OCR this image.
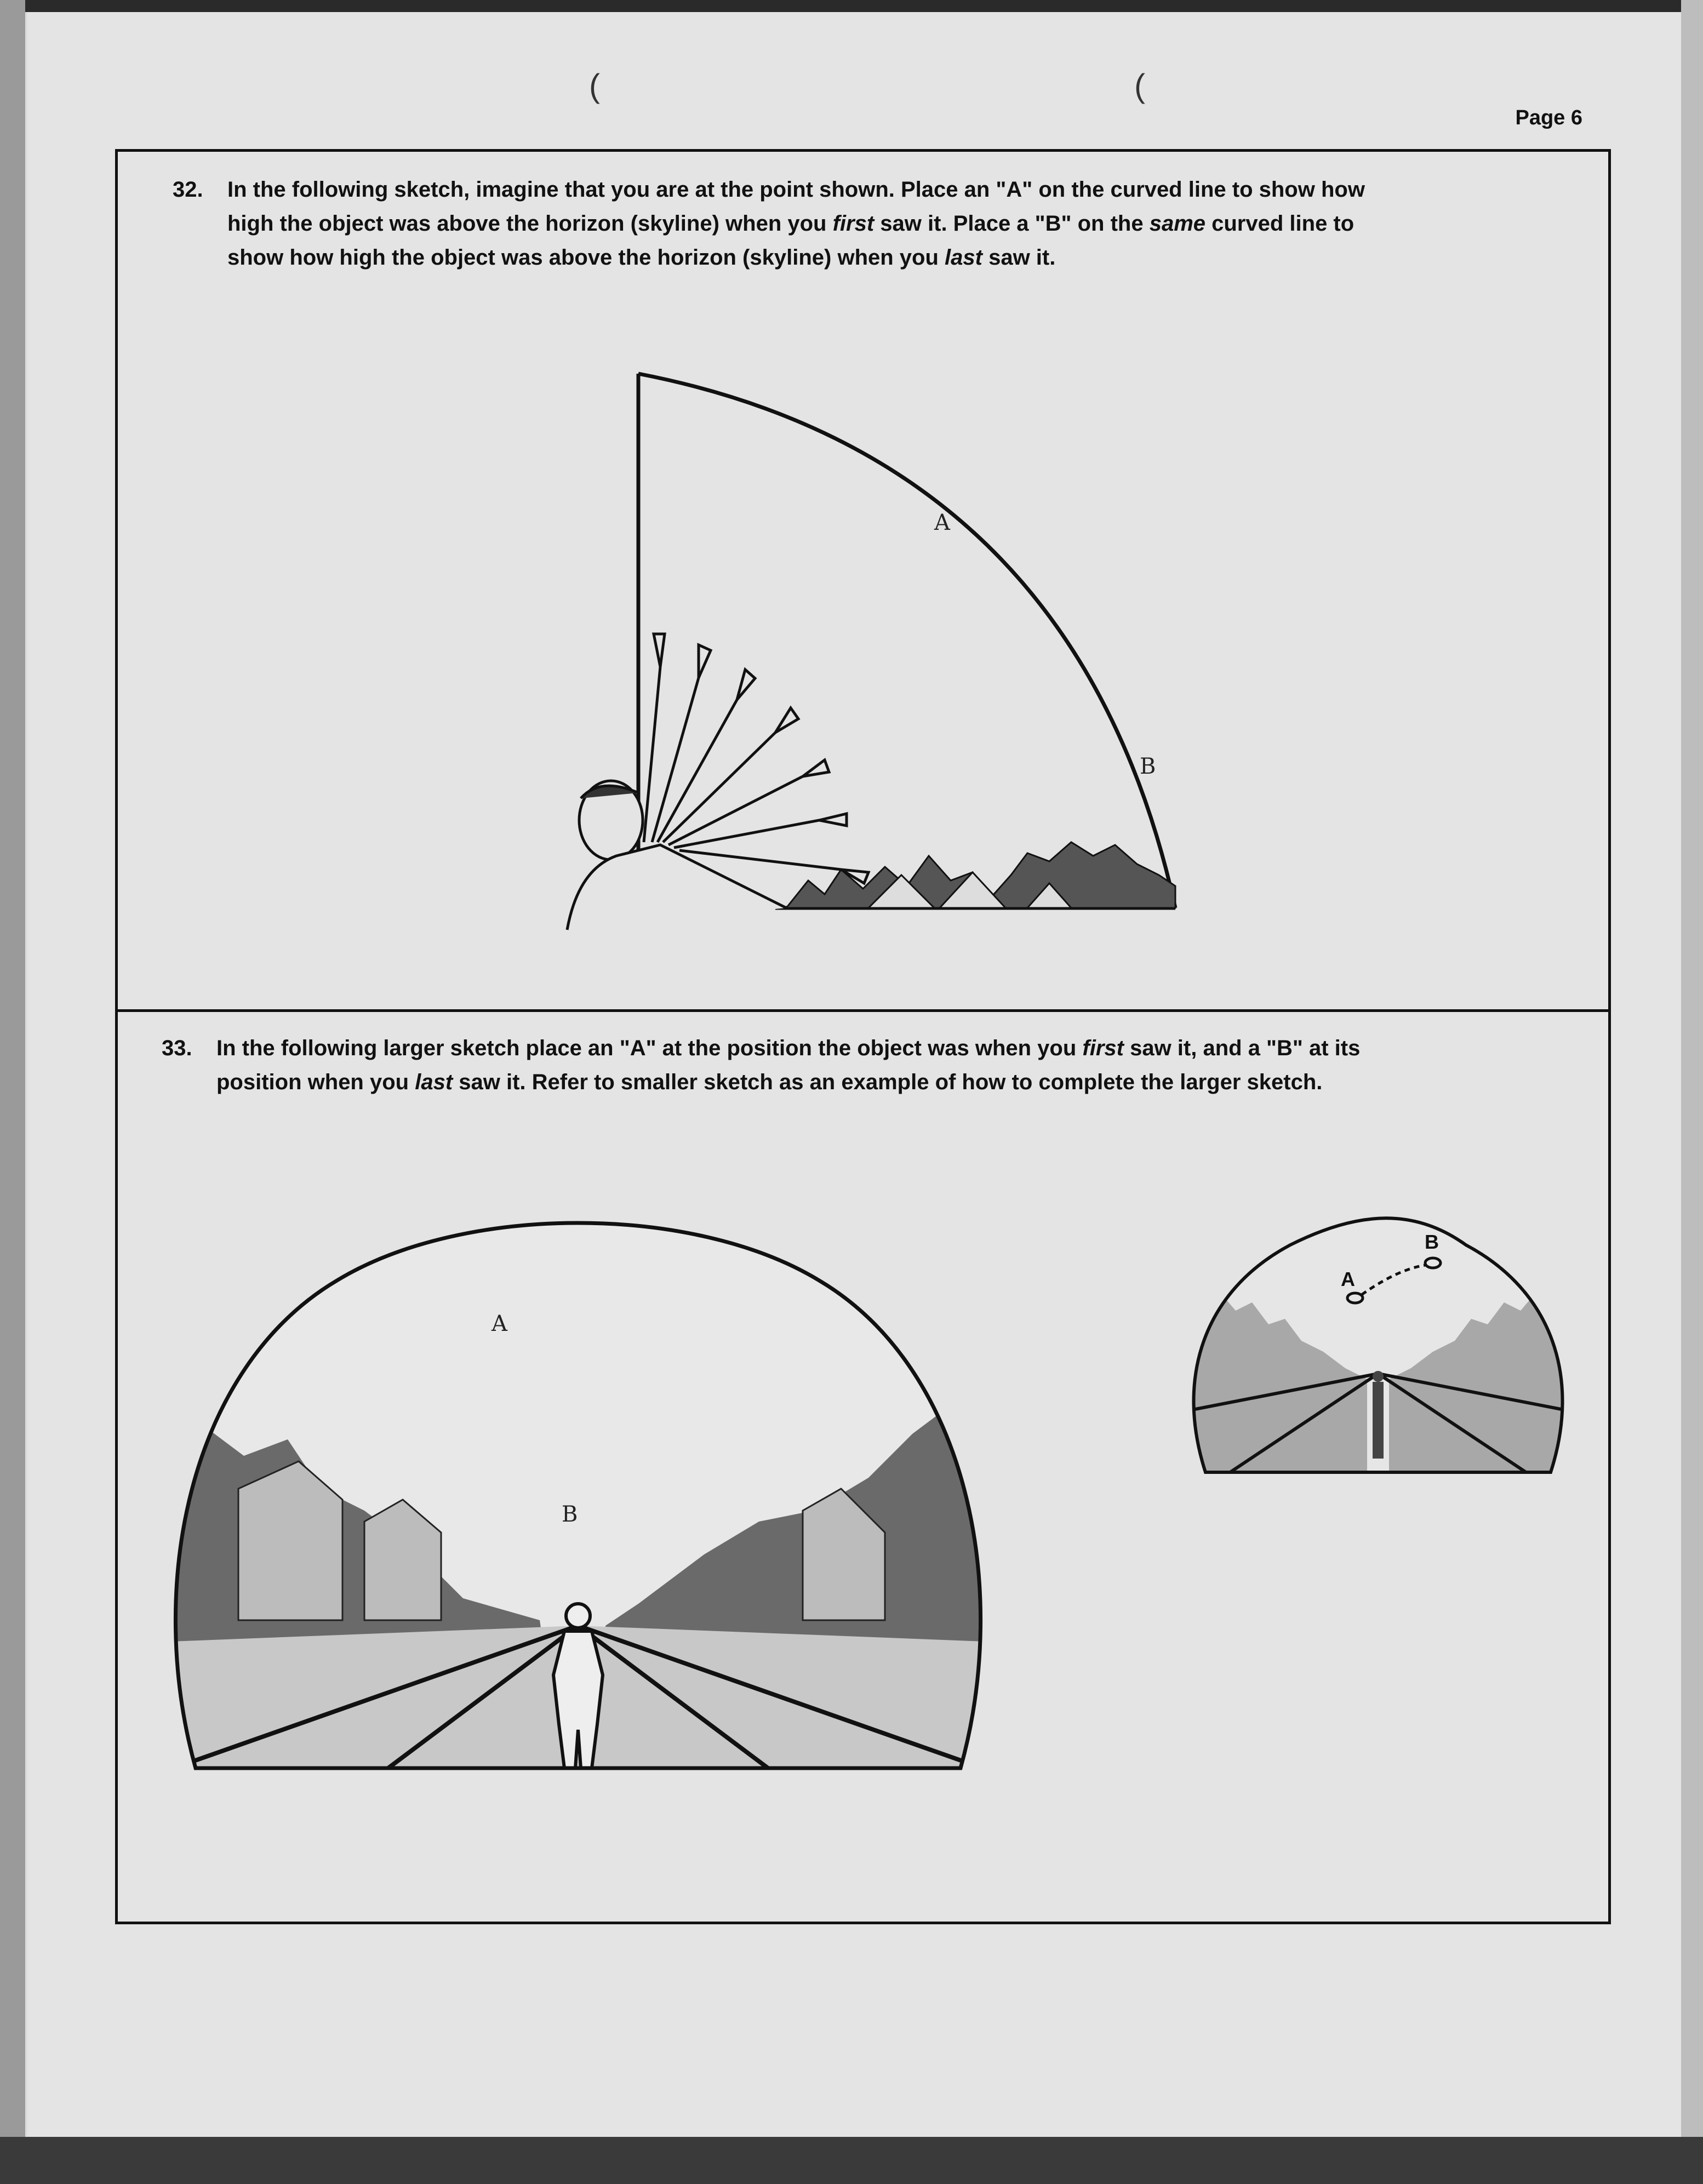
(	(
Page 6
32. In the following sketch, imagine that you are at the point shown. Place an "A" on the curved line to show how
high the object was above the horizon (skyline) when you first saw it. Place a "B" on the same curved line to
show how high the object was above the horizon (skyline) when you last saw it.
A
B
33. In the following larger sketch place an "A" at the position the object was when you first saw it, and a "B" at its
position when you last saw it. Refer to smaller sketch as an example of how to complete the larger sketch.
A
B
A
B
